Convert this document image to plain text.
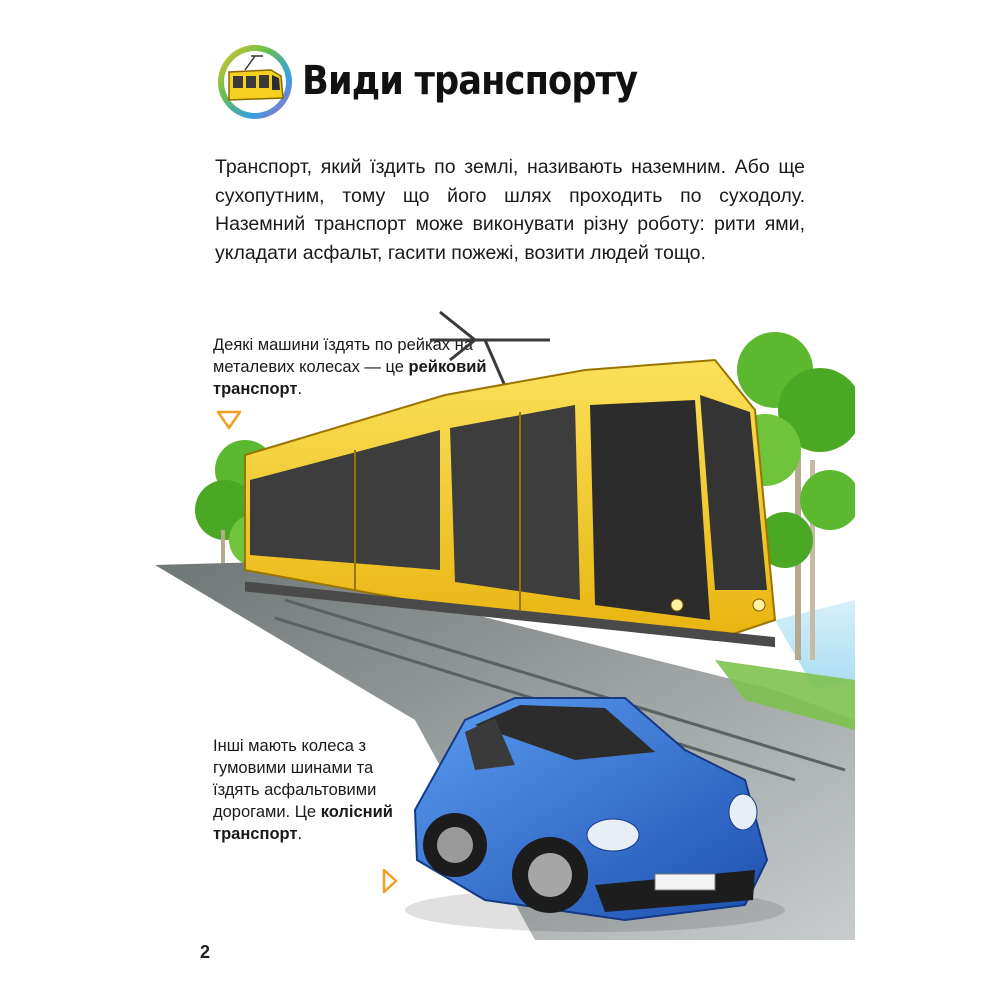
Види транспорту

Транспорт, який їздить по землі, називають наземним. Або ще сухопутним, тому що його шлях проходить по суходолу. Наземний транспорт може виконувати різну роботу: рити ями, укладати асфальт, гасити пожежі, возити людей тощо.

Деякі машини їздять по рейках на металевих колесах — це рейковий транспорт.

Інші мають колеса з гумовими шинами та їздять асфальтовими дорогами. Це колісний транспорт.

2
